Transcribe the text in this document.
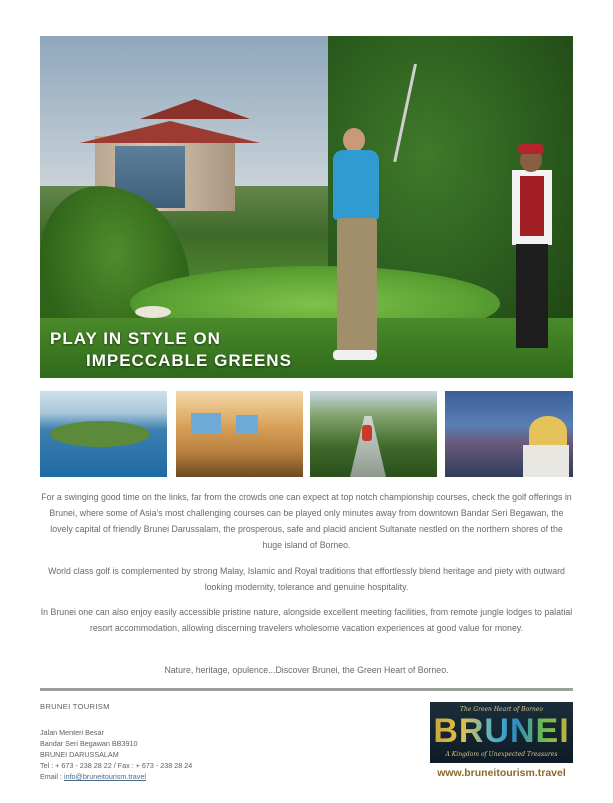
PLAY IN STYLE ON
IMPECCABLE GREENS

For a swinging good time on the links, far from the crowds one can expect at top notch championship courses, check the golf offerings in Brunei, where some of Asia's most challenging courses can be played only minutes away from downtown Bandar Seri Begawan, the lovely capital of friendly Brunei Darussalam, the prosperous, safe and placid ancient Sultanate nestled on the northern shores of the huge island of Borneo.

World class golf is complemented by strong Malay, Islamic and Royal traditions that effortlessly blend heritage and piety with outward looking modernity, tolerance and genuine hospitality.

In Brunei one can also enjoy easily accessible pristine nature, alongside excellent meeting facilities, from remote jungle lodges to palatial resort accommodation, allowing discerning travelers wholesome vacation experiences at good value for money.

Nature, heritage, opulence...Discover Brunei, the Green Heart of Borneo.

BRUNEI TOURISM
Jalan Menteri Besar
Bandar Seri Begawan BB3910
BRUNEI DARUSSALAM
Tel : + 673 - 238 28 22 / Fax : + 673 - 238 28 24
Email : info@bruneitourism.travel
The Green Heart of Borneo
BRUNEI
A Kingdom of Unexpected Treasures
www.bruneitourism.travel
